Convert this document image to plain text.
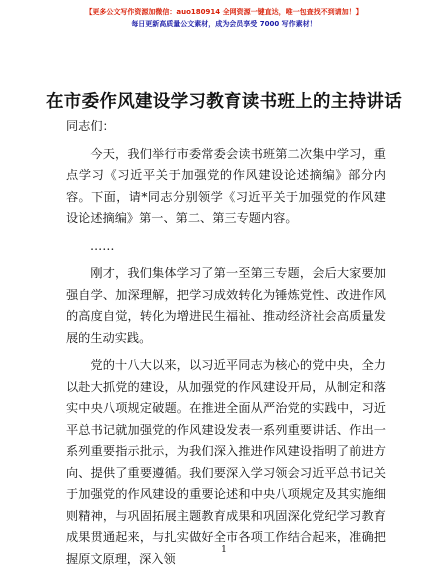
【更多公文写作资源加微信：auo180914 全网资源一键直达，唯一包查找不到请加！】
每日更新高质量公文素材，成为会员享受 7000 写作素材！
在市委作风建设学习教育读书班上的主持讲话

同志们：

今天，我们举行市委常委会读书班第二次集中学习，重点学习《习近平关于加强党的作风建设论述摘编》部分内容。下面，请*同志分别领学《习近平关于加强党的作风建设论述摘编》第一、第二、第三专题内容。

……

刚才，我们集体学习了第一至第三专题，会后大家要加强自学、加深理解，把学习成效转化为锤炼党性、改进作风的高度自觉，转化为增进民生福祉、推动经济社会高质量发展的生动实践。

党的十八大以来，以习近平同志为核心的党中央，全力以赴大抓党的建设，从加强党的作风建设开局，从制定和落实中央八项规定破题。在推进全面从严治党的实践中，习近平总书记就加强党的作风建设发表一系列重要讲话、作出一系列重要指示批示，为我们深入推进作风建设指明了前进方向、提供了重要遵循。我们要深入学习领会习近平总书记关于加强党的作风建设的重要论述和中央八项规定及其实施细则精神，与巩固拓展主题教育成果和巩固深化党纪学习教育成果贯通起来，与扎实做好全市各项工作结合起来，准确把握原文原理，深入领

1
